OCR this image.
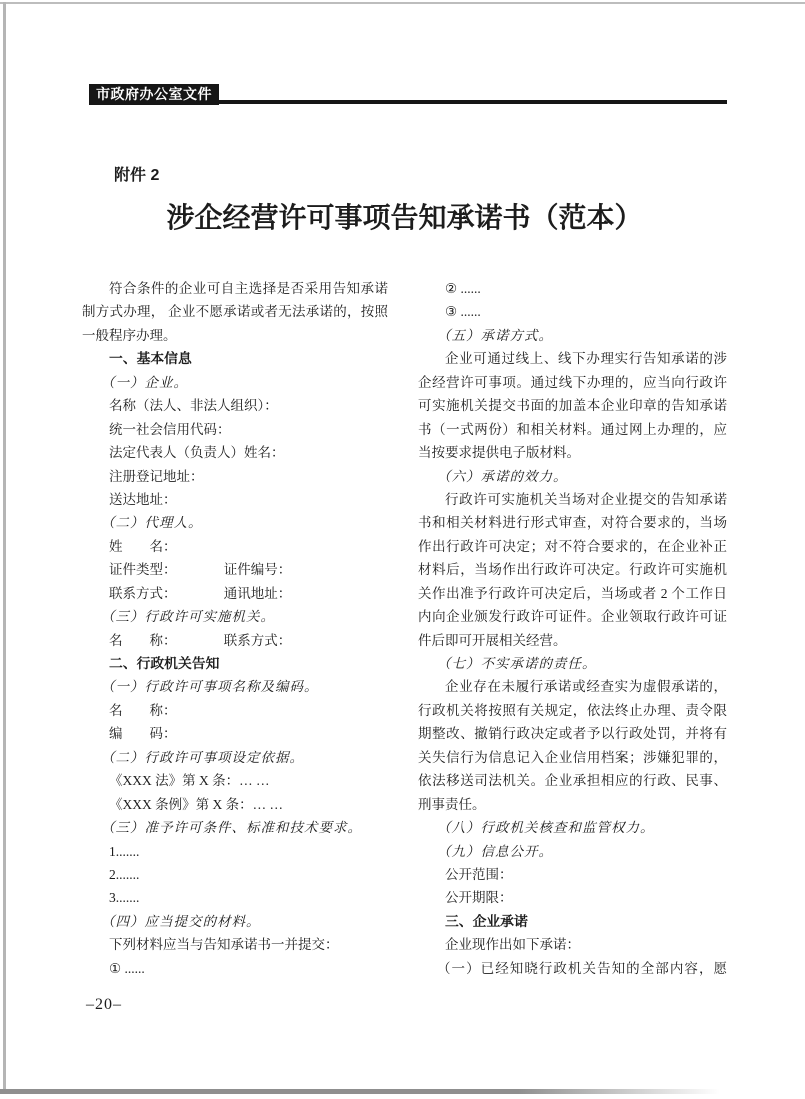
市政府办公室文件
附件 2
涉企经营许可事项告知承诺书（范本）
符合条件的企业可自主选择是否采用告知承诺
制方式办理， 企业不愿承诺或者无法承诺的，按照
一般程序办理。
一、基本信息
（一）企业。
名称（法人、非法人组织）：
统一社会信用代码：
法定代表人（负责人）姓名：
注册登记地址：
送达地址：
（二）代理人。
姓　　名：
证件类型：　　　　证件编号：
联系方式：　　　　通讯地址：
（三）行政许可实施机关。
名　　称：　　　　联系方式：
二、行政机关告知
（一）行政许可事项名称及编码。
名　　称：
编　　码：
（二）行政许可事项设定依据。
《XXX 法》第 X 条：… …
《XXX 条例》第 X 条：… …
（三）准予许可条件、标准和技术要求。
1.......
2.......
3.......
（四）应当提交的材料。
下列材料应当与告知承诺书一并提交：
① ......
② ......
③ ......
（五）承诺方式。
企业可通过线上、线下办理实行告知承诺的涉
企经营许可事项。通过线下办理的，应当向行政许
可实施机关提交书面的加盖本企业印章的告知承诺
书（一式两份）和相关材料。通过网上办理的，应
当按要求提供电子版材料。
（六）承诺的效力。
行政许可实施机关当场对企业提交的告知承诺
书和相关材料进行形式审查，对符合要求的，当场
作出行政许可决定；对不符合要求的，在企业补正
材料后，当场作出行政许可决定。行政许可实施机
关作出准予行政许可决定后，当场或者 2 个工作日
内向企业颁发行政许可证件。企业领取行政许可证
件后即可开展相关经营。
（七）不实承诺的责任。
企业存在未履行承诺或经查实为虚假承诺的，
行政机关将按照有关规定，依法终止办理、责令限
期整改、撤销行政决定或者予以行政处罚，并将有
关失信行为信息记入企业信用档案；涉嫌犯罪的，
依法移送司法机关。企业承担相应的行政、民事、
刑事责任。
（八）行政机关核查和监管权力。
（九）信息公开。
公开范围：
公开期限：
三、企业承诺
企业现作出如下承诺：
（一）已经知晓行政机关告知的全部内容，愿
–20–
